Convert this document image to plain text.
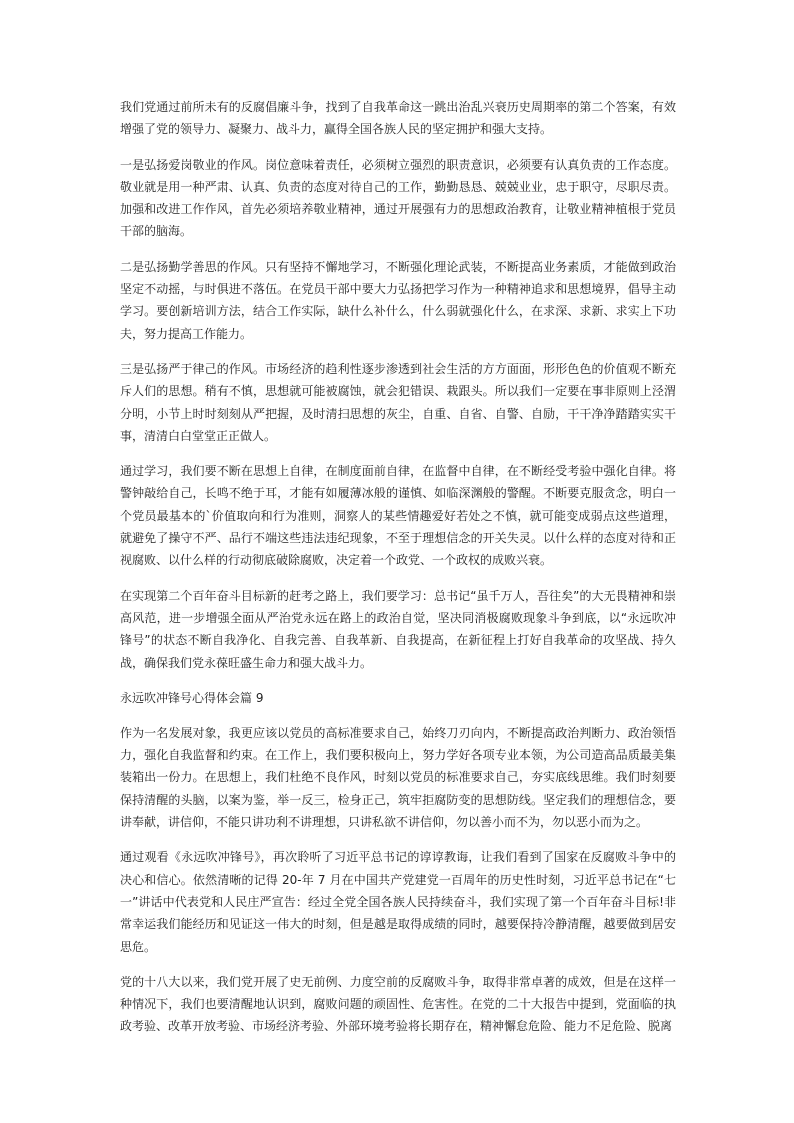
我们党通过前所未有的反腐倡廉斗争，找到了自我革命这一跳出治乱兴衰历史周期率的第二个答案，有效增强了党的领导力、凝聚力、战斗力，赢得全国各族人民的坚定拥护和强大支持。

一是弘扬爱岗敬业的作风。岗位意味着责任，必须树立强烈的职责意识，必须要有认真负责的工作态度。敬业就是用一种严肃、认真、负责的态度对待自己的工作，勤勤恳恳、兢兢业业，忠于职守，尽职尽责。加强和改进工作作风，首先必须培养敬业精神，通过开展强有力的思想政治教育，让敬业精神植根于党员干部的脑海。

二是弘扬勤学善思的作风。只有坚持不懈地学习，不断强化理论武装，不断提高业务素质，才能做到政治坚定不动摇，与时俱进不落伍。在党员干部中要大力弘扬把学习作为一种精神追求和思想境界，倡导主动学习。要创新培训方法，结合工作实际，缺什么补什么，什么弱就强化什么，在求深、求新、求实上下功夫，努力提高工作能力。

三是弘扬严于律己的作风。市场经济的趋利性逐步渗透到社会生活的方方面面，形形色色的价值观不断充斥人们的思想。稍有不慎，思想就可能被腐蚀，就会犯错误、栽跟头。所以我们一定要在事非原则上泾渭分明，小节上时时刻刻从严把握，及时清扫思想的灰尘，自重、自省、自警、自励，干干净净踏踏实实干事，清清白白堂堂正正做人。

通过学习，我们要不断在思想上自律，在制度面前自律，在监督中自律，在不断经受考验中强化自律。将警钟敲给自己，长鸣不绝于耳，才能有如履薄冰般的谨慎、如临深渊般的警醒。不断要克服贪念，明白一个党员最基本的`价值取向和行为准则，洞察人的某些情趣爱好若处之不慎，就可能变成弱点这些道理，就避免了操守不严、品行不端这些违法违纪现象，不至于理想信念的开关失灵。以什么样的态度对待和正视腐败、以什么样的行动彻底破除腐败，决定着一个政党、一个政权的成败兴衰。

在实现第二个百年奋斗目标新的赶考之路上，我们要学习：总书记“虽千万人，吾往矣”的大无畏精神和崇高风范，进一步增强全面从严治党永远在路上的政治自觉，坚决同消极腐败现象斗争到底，以“永远吹冲锋号”的状态不断自我净化、自我完善、自我革新、自我提高，在新征程上打好自我革命的攻坚战、持久战，确保我们党永葆旺盛生命力和强大战斗力。

永远吹冲锋号心得体会篇 9

作为一名发展对象，我更应该以党员的高标准要求自己，始终刀刃向内，不断提高政治判断力、政治领悟力，强化自我监督和约束。在工作上，我们要积极向上，努力学好各项专业本领，为公司造高品质最美集装箱出一份力。在思想上，我们杜绝不良作风，时刻以党员的标准要求自己，夯实底线思维。我们时刻要保持清醒的头脑，以案为鉴，举一反三，检身正己，筑牢拒腐防变的思想防线。坚定我们的理想信念，要讲奉献，讲信仰，不能只讲功利不讲理想，只讲私欲不讲信仰，勿以善小而不为，勿以恶小而为之。

通过观看《永远吹冲锋号》，再次聆听了习近平总书记的谆谆教诲，让我们看到了国家在反腐败斗争中的决心和信心。依然清晰的记得 20-年 7 月在中国共产党建党一百周年的历史性时刻，习近平总书记在“七一”讲话中代表党和人民庄严宣告：经过全党全国各族人民持续奋斗，我们实现了第一个百年奋斗目标!非常幸运我们能经历和见证这一伟大的时刻，但是越是取得成绩的同时，越要保持冷静清醒，越要做到居安思危。

党的十八大以来，我们党开展了史无前例、力度空前的反腐败斗争，取得非常卓著的成效，但是在这样一种情况下，我们也要清醒地认识到，腐败问题的顽固性、危害性。在党的二十大报告中提到，党面临的执政考验、改革开放考验、市场经济考验、外部环境考验将长期存在，精神懈怠危险、能力不足危险、脱离
